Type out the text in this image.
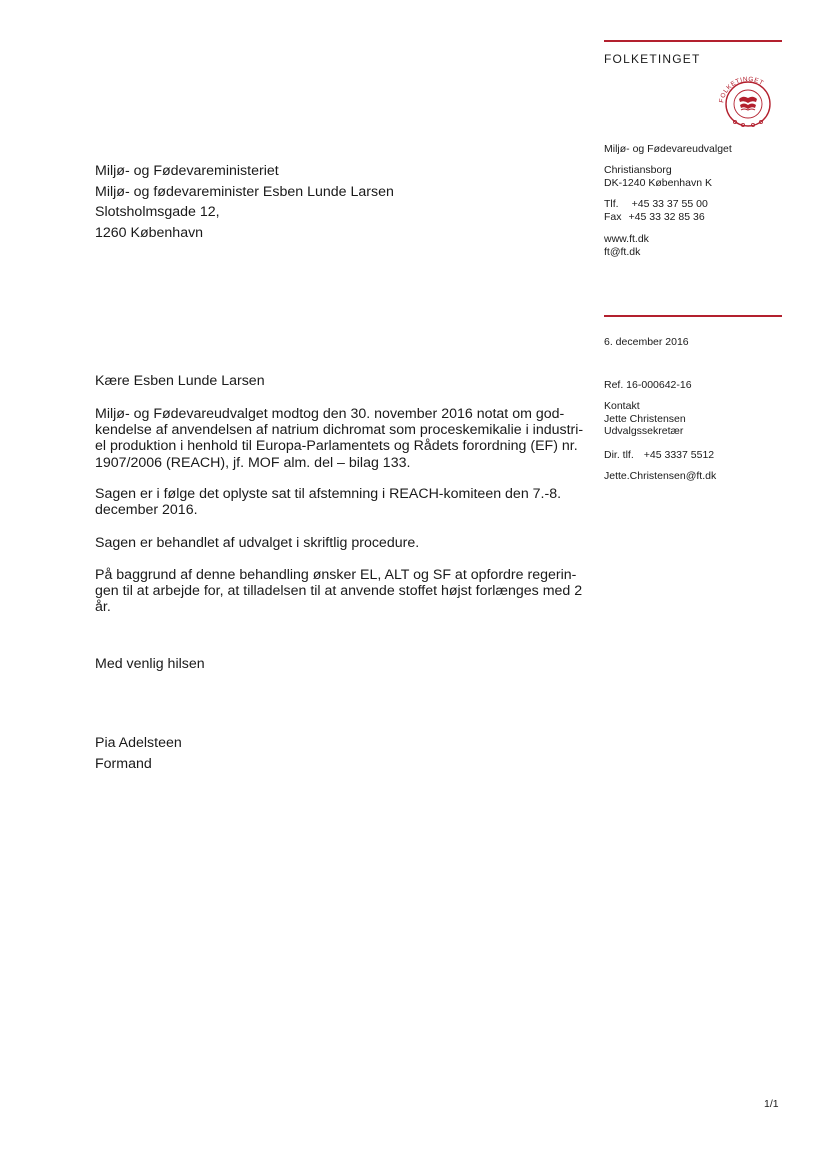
FOLKETINGET
FOLKETINGET
Miljø- og Fødevareudvalget
Christiansborg
DK-1240 København K
Tlf. +45 33 37 55 00
Fax +45 33 32 85 36
www.ft.dk
ft@ft.dk
6. december 2016
Ref. 16-000642-16
Kontakt
Jette Christensen
Udvalgssekretær
Dir. tlf. +45 3337 5512
Jette.Christensen@ft.dk
Miljø- og Fødevareministeriet
Miljø- og fødevareminister Esben Lunde Larsen
Slotsholmsgade 12,
1260 København

Kære Esben Lunde Larsen

Miljø- og Fødevareudvalget modtog den 30. november 2016 notat om god-

kendelse af anvendelsen af natrium dichromat som proceskemikalie i industri-

el produktion i henhold til Europa-Parlamentets og Rådets forordning (EF) nr.

1907/2006 (REACH), jf. MOF alm. del – bilag 133.

Sagen er i følge det oplyste sat til afstemning i REACH-komiteen den 7.-8.

december 2016.

Sagen er behandlet af udvalget i skriftlig procedure.

På baggrund af denne behandling ønsker EL, ALT og SF at opfordre regerin-

gen til at arbejde for, at tilladelsen til at anvende stoffet højst forlænges med 2

år.

Med venlig hilsen

Pia Adelsteen

Formand

1/1
